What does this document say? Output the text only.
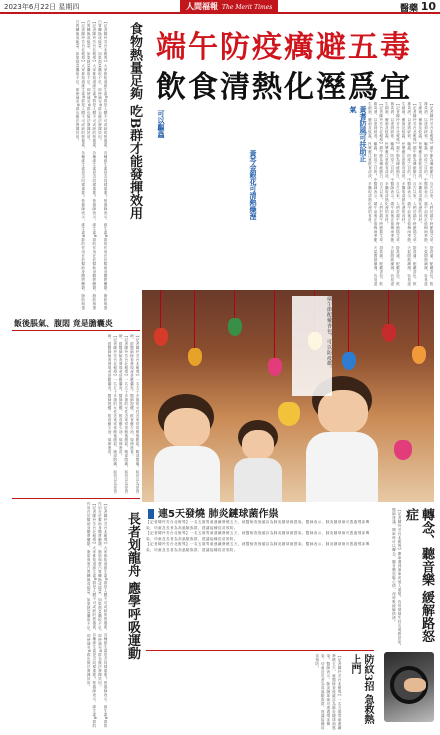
2023年6月22日 星期四	人間福報 The Merit Times	醫藥 10
端午防疫癘避五毒
飲食清熱化溼爲宜
【記者陳玲芳台北報導】端午節為傳統節日，自古以來，人們於端午時節插艾草、掛菖蒲、配戴香包、飲雄黃酒，以達到辟邪、驅蟲、防疫之目的。中醫師表示，端午前後正值梅雨季節，天氣悶熱潮濕，容易滋生細菌、黴菌及蚊蟲，民眾應注意飲食清淡，多攝取清熱化溼的食材。
【記者陳玲芳台北報導】端午節為傳統節日，自古以來，人們於端午時節插艾草、掛菖蒲、配戴香包、飲雄黃酒，以達到辟邪、驅蟲、防疫之目的。中醫師表示，端午前後正值梅雨季節，天氣悶熱潮濕，容易滋生細菌、黴菌及蚊蟲，民眾應注意飲食清淡，多攝取清熱化溼的食材。
【記者陳玲芳台北報導】端午節為傳統節日，自古以來，人們於端午時節插艾草、掛菖蒲、配戴香包、飲雄黃酒，以達到辟邪、驅蟲、防疫之目的。中醫師表示，端午前後正值梅雨季節，天氣悶熱潮濕，容易滋生細菌、黴菌及蚊蟲，民眾應注意飲食清淡，多攝取清熱化溼的食材。
【記者陳玲芳台北報導】端午節為傳統節日，自古以來，人們於端午時節插艾草、掛菖蒲、配戴香包、飲雄黃酒，以達到辟邪、驅蟲、防疫之目的。中醫師表示，端午前後正值梅雨季節，天氣悶熱潮濕，容易滋生細菌、黴菌及蚊蟲，民眾應注意飲食清淡，多攝取清熱化溼的食材。
黃耆防風可扶助正氣
黃芩金銀花可清熱燥溼
可以驅蟲
端午節配戴香包，可以防疫癘。
【記者陳玲芳台北報導】大家都知道維生素B群是人體不可或缺的營養素，各種維生素是否同樣重要？營養師表示，維生素B群的作用在於幫助身體將醣類、脂肪與蛋白質轉換成能量，如果熱量攝取不足，即使補充B群也無法發揮效用。
【記者陳玲芳台北報導】大家都知道維生素B群是人體不可或缺的營養素，各種維生素是否同樣重要？營養師表示，維生素B群的作用在於幫助身體將醣類、脂肪與蛋白質轉換成能量，如果熱量攝取不足，即使補充B群也無法發揮效用。
【記者陳玲芳台北報導】大家都知道維生素B群是人體不可或缺的營養素，各種維生素是否同樣重要？營養師表示，維生素B群的作用在於幫助身體將醣類、脂肪與蛋白質轉換成能量，如果熱量攝取不足，即使補充B群也無法發揮效用。	食物熱量足夠 吃B群才能發揮效用
飯後脹氣、腹悶 竟是膽囊炎
【記者陳玲芳台北報導】一名五十多歲的女性近來常常飯後脹氣，腹部悶痛，起初以為是胃病，經醫師檢查發現竟是膽囊炎。醫師提醒，飲食應少油，規律進食。
【記者陳玲芳台北報導】一名五十多歲的女性近來常常飯後脹氣，腹部悶痛，起初以為是胃病，經醫師檢查發現竟是膽囊炎。醫師提醒，飲食應少油，規律進食。
【記者陳玲芳台北報導】一名五十多歲的女性近來常常飯後脹氣，腹部悶痛，起初以為是胃病，經醫師檢查發現竟是膽囊炎。醫師提醒，飲食應少油，規律進食。
【記者陳玲芳台北報導】大家都知道維生素B群是人體不可或缺的營養素，各種維生素是否同樣重要？營養師表示，維生素B群的作用在於幫助身體將醣類、脂肪與蛋白質轉換成能量，如果熱量攝取不足，即使補充B群也無法發揮效用。
【記者陳玲芳台北報導】大家都知道維生素B群是人體不可或缺的營養素，各種維生素是否同樣重要？營養師表示，維生素B群的作用在於幫助身體將醣類、脂肪與蛋白質轉換成能量，如果熱量攝取不足，即使補充B群也無法發揮效用。	長者划龍舟 應學呼吸運動	連5天發燒 肺炎鏈球菌作祟
【記者陳玲芳台北報導】一名五歲男童連續發燒五天，就醫檢查後確診為肺炎鏈球菌感染。醫師表示，肺炎鏈球菌可透過飛沫傳染，幼童及長者為高風險族群，建議接種疫苗預防。
【記者陳玲芳台北報導】一名五歲男童連續發燒五天，就醫檢查後確診為肺炎鏈球菌感染。醫師表示，肺炎鏈球菌可透過飛沫傳染，幼童及長者為高風險族群，建議接種疫苗預防。
【記者陳玲芳台北報導】一名五歲男童連續發燒五天，就醫檢查後確診為肺炎鏈球菌感染。醫師表示，肺炎鏈球菌可透過飛沫傳染，幼童及長者為高風險族群，建議接種疫苗預防。
【記者陳玲芳台北報導】一名五歲男童連續發燒五天，就醫檢查後確診為肺炎鏈球菌感染。醫師表示，肺炎鏈球菌可透過飛沫傳染，幼童及長者為高風險族群，建議接種疫苗預防。	防紋3招 急救熱上門
轉念、聽音樂 緩解路怒症
【記者陳玲芳台北報導】開車遇到塞車或他人違規，容易情緒失控出現路怒症。醫師建議，開車時可以轉念、聽音樂放鬆心情，深呼吸緩解情緒。
